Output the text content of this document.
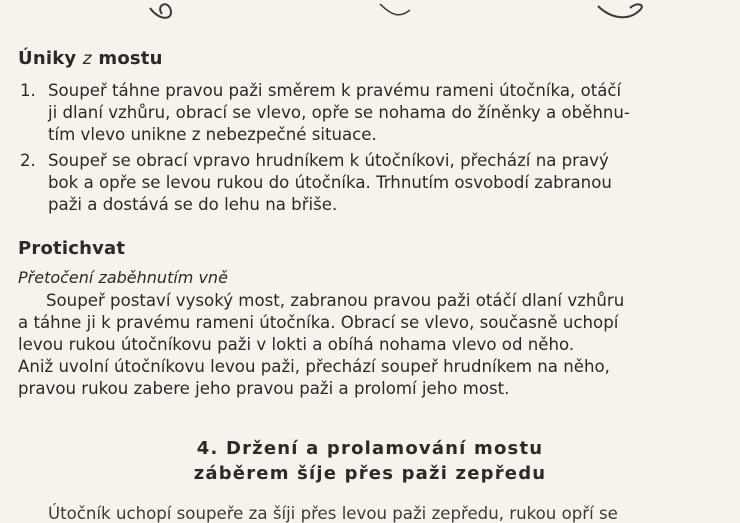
Úniky z mostu
1. Soupeř táhne pravou paži směrem k pravému rameni útočníka, otáčí
ji dlaní vzhůru, obrací se vlevo, opře se nohama do žíněnky a oběhnu-
tím vlevo unikne z nebezpečné situace.
2. Soupeř se obrací vpravo hrudníkem k útočníkovi, přechází na pravý
bok a opře se levou rukou do útočníka. Trhnutím osvobodí zabranou
paži a dostává se do lehu na břiše.
Protichvat
Přetočení zaběhnutím vně
Soupeř postaví vysoký most, zabranou pravou paži otáčí dlaní vzhůru
a táhne ji k pravému rameni útočníka. Obrací se vlevo, současně uchopí
levou rukou útočníkovu paži v lokti a obíhá nohama vlevo od něho.
Aniž uvolní útočníkovu levou paži, přechází soupeř hrudníkem na něho,
pravou rukou zabere jeho pravou paži a prolomí jeho most.
4. Držení a prolamování mostu
záběrem šíje přes paži zepředu
Útočník uchopí soupeře za šíji přes levou paži zepředu, rukou opří se
